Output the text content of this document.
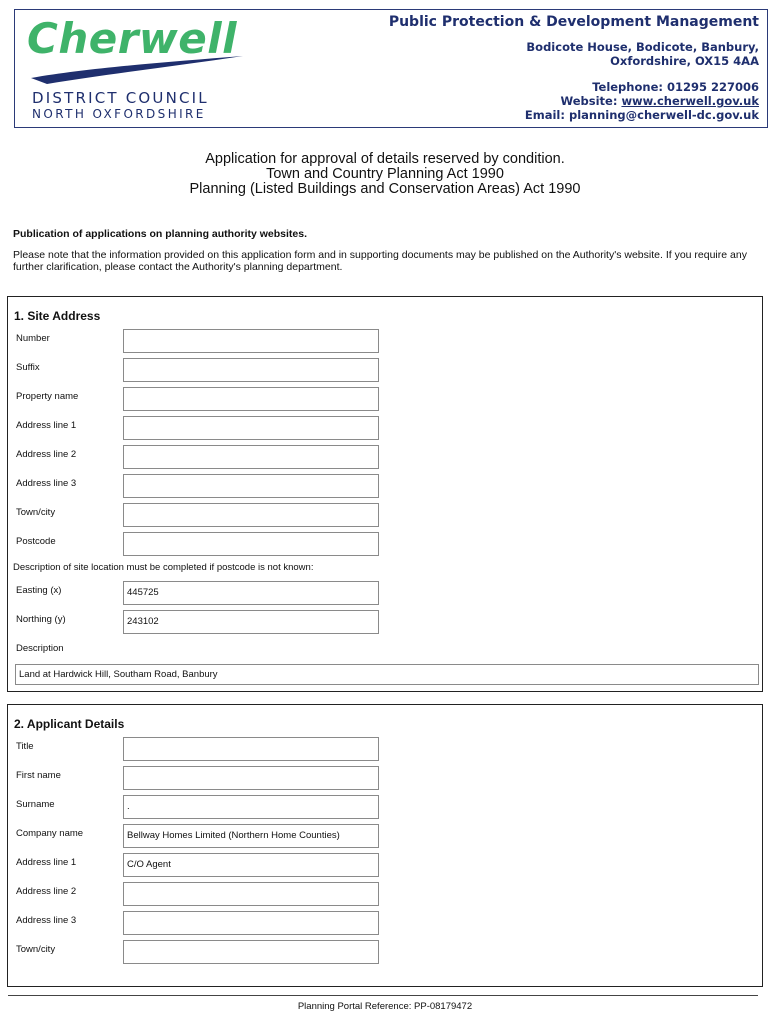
Cherwell
DISTRICT COUNCIL
NORTH OXFORDSHIRE
Public Protection & Development Management
Bodicote House, Bodicote, Banbury,
Oxfordshire, OX15 4AA
Telephone: 01295 227006
Website: www.cherwell.gov.uk
Email: planning@cherwell-dc.gov.uk
Application for approval of details reserved by condition.
Town and Country Planning Act 1990
Planning (Listed Buildings and Conservation Areas) Act 1990
Publication of applications on planning authority websites.
Please note that the information provided on this application form and in supporting documents may be published on the Authority's website. If you require any further clarification, please contact the Authority's planning department.
1. Site Address
Number
Suffix
Property name
Address line 1
Address line 2
Address line 3
Town/city
Postcode
Description of site location must be completed if postcode is not known:
Easting (x)	445725
Northing (y)	243102
Description
Land at Hardwick Hill, Southam Road, Banbury
2. Applicant Details
Title
First name
Surname	.
Company name	Bellway Homes Limited (Northern Home Counties)
Address line 1	C/O Agent
Address line 2
Address line 3
Town/city
Planning Portal Reference: PP-08179472
